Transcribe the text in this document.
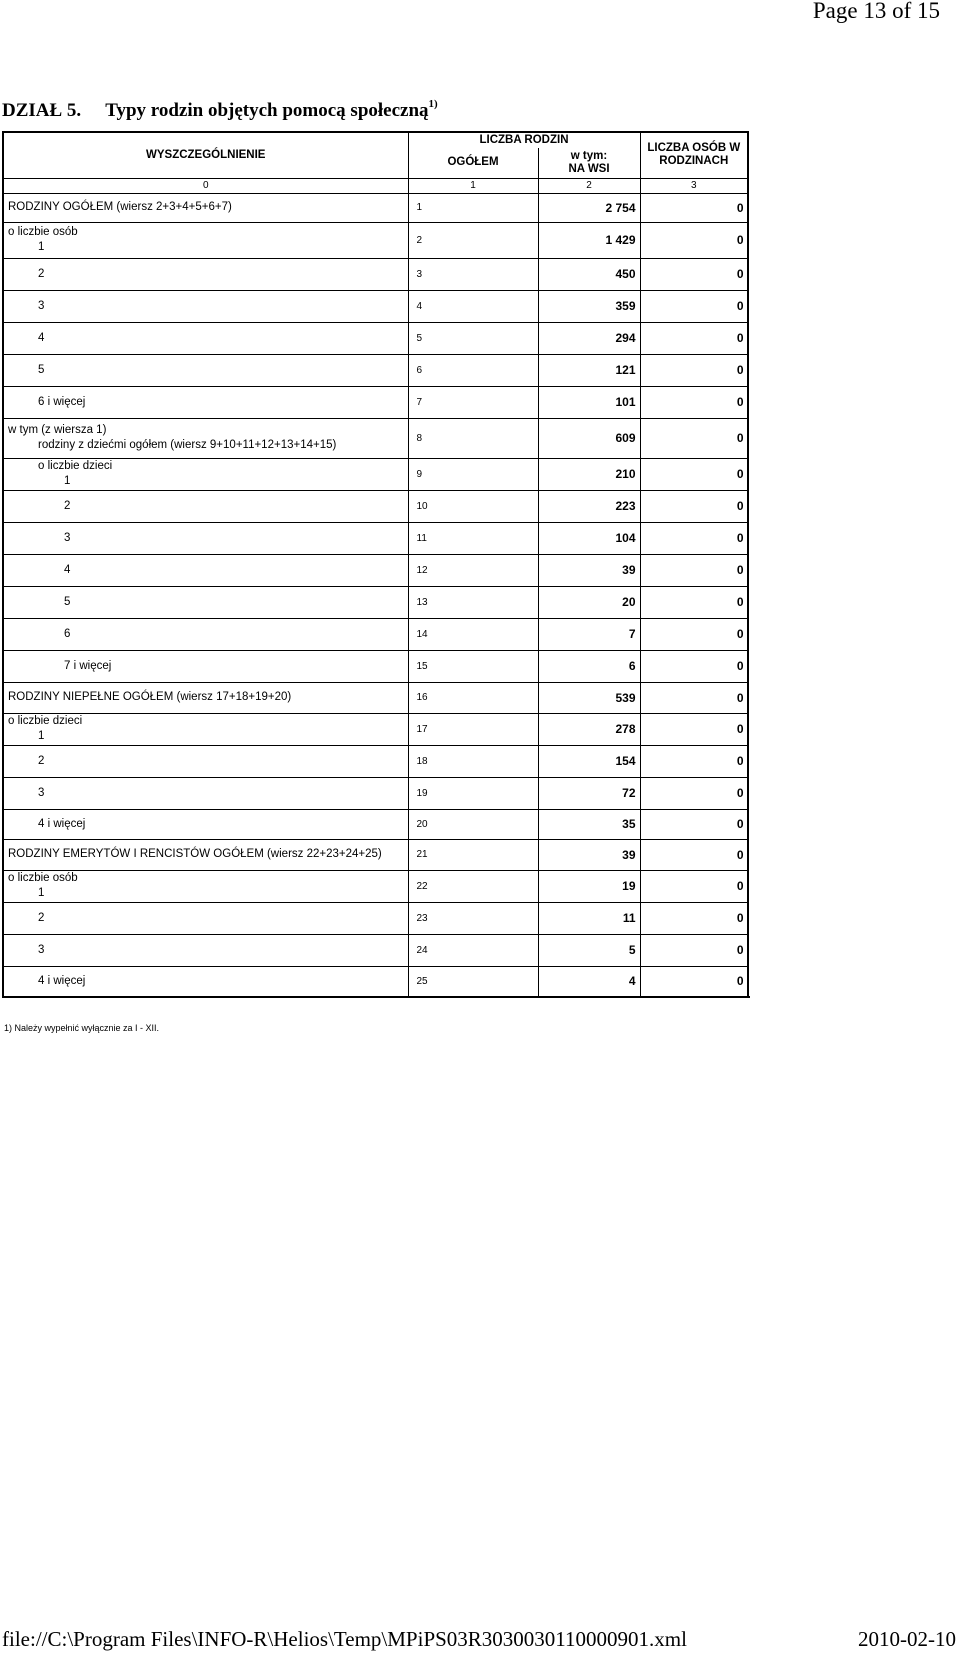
Page 13 of 15
DZIAŁ 5. Typy rodzin objętych pomocą społeczną$^{1)}$
WYSZCZEGÓLNIENIE	LICZBA RODZIN		LICZBA OSÓB W
RODZINACH	

	OGÓŁEM	w tym:
NA WSI		

0	1	2	3	

RODZINY OGÓŁEM (wiersz 2+3+4+5+6+7)	1	2 754	0	

o liczbie osób
1	2	1 429	0	

2	3	450	0	

3	4	359	0	

4	5	294	0	

5	6	121	0	

6 i więcej	7	101	0	

w tym (z wiersza 1)
rodziny z dziećmi ogółem (wiersz 9+10+11+12+13+14+15)	8	609	0	

o liczbie dzieci
1	9	210	0	

2	10	223	0	

3	11	104	0	

4	12	39	0	

5	13	20	0	

6	14	7	0	

7 i więcej	15	6	0	

RODZINY NIEPEŁNE OGÓŁEM (wiersz 17+18+19+20)	16	539	0	

o liczbie dzieci
1	17	278	0	

2	18	154	0	

3	19	72	0	

4 i więcej	20	35	0	

RODZINY EMERYTÓW I RENCISTÓW OGÓŁEM (wiersz 22+23+24+25)	21	39	0	

o liczbie osób
1	22	19	0	

2	23	11	0	

3	24	5	0	

4 i więcej	25	4	0	
1) Należy wypełnić wyłącznie za I - XII.
file://C:\Program Files\INFO-R\Helios\Temp\MPiPS03R3030030110000901.xml	2010-02-10
